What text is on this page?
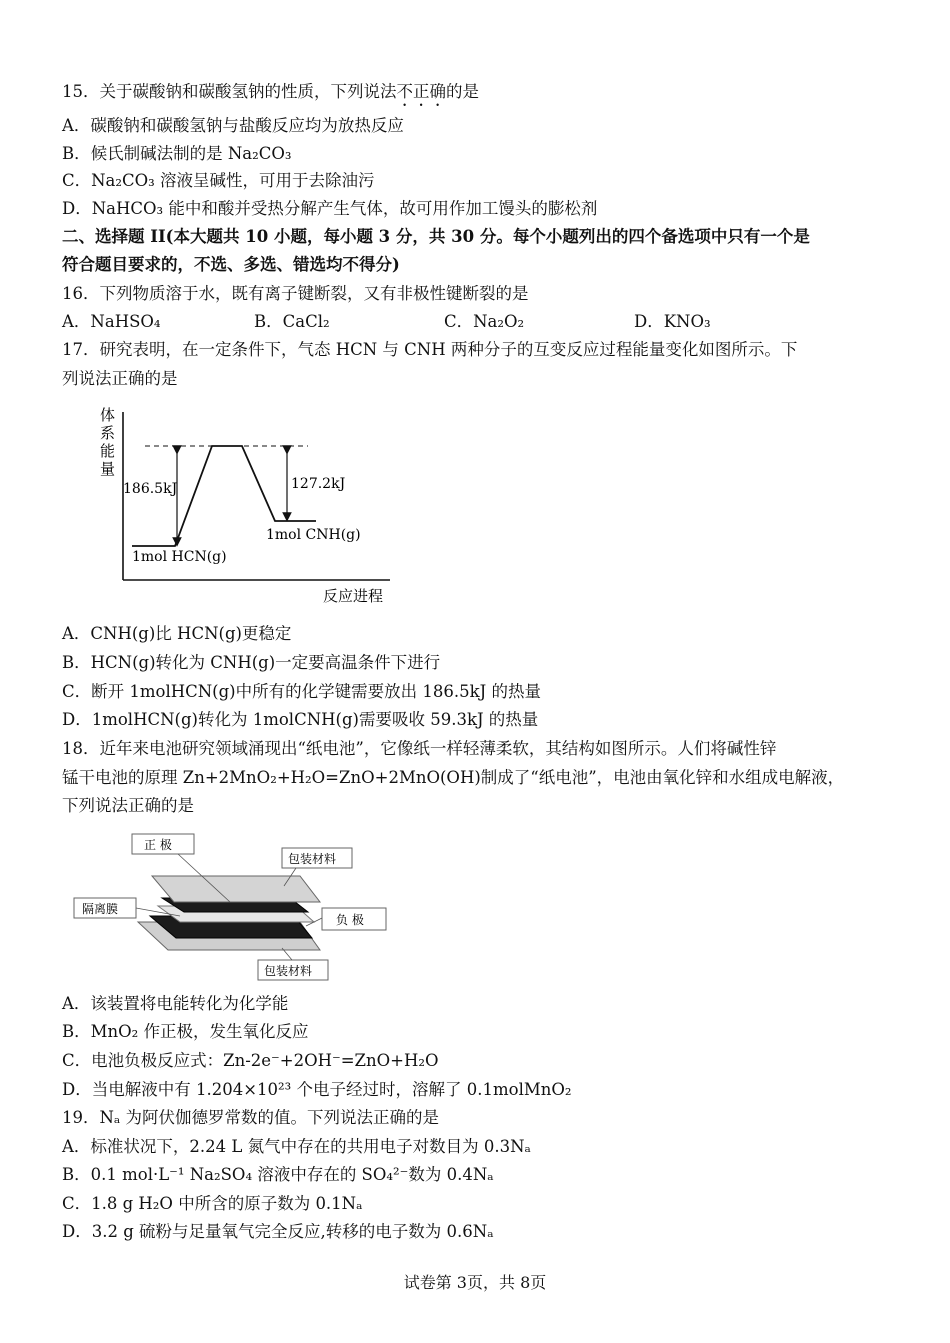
15．关于碳酸钠和碳酸氢钠的性质，下列说法不正确的是
A．碳酸钠和碳酸氢钠与盐酸反应均为放热反应
B．候氏制碱法制的是 Na₂CO₃
C．Na₂CO₃ 溶液呈碱性，可用于去除油污
D．NaHCO₃ 能中和酸并受热分解产生气体，故可用作加工馒头的膨松剂
二、选择题 II(本大题共 10 小题，每小题 3 分，共 30 分。每个小题列出的四个备选项中只有一个是
符合题目要求的，不选、多选、错选均不得分)
16．下列物质溶于水，既有离子键断裂，又有非极性键断裂的是
A．NaHSO₄	B．CaCl₂	C．Na₂O₂	D．KNO₃
17．研究表明，在一定条件下，气态 HCN 与 CNH 两种分子的互变反应过程能量变化如图所示。下
列说法正确的是
体
系
能
量
反应进程
186.5kJ	127.2kJ
1mol HCN(g)
1mol CNH(g)
A．CNH(g)比 HCN(g)更稳定
B．HCN(g)转化为 CNH(g)一定要高温条件下进行
C．断开 1molHCN(g)中所有的化学键需要放出 186.5kJ 的热量
D．1molHCN(g)转化为 1molCNH(g)需要吸收 59.3kJ 的热量
18．近年来电池研究领域涌现出“纸电池”，它像纸一样轻薄柔软，其结构如图所示。人们将碱性锌
锰干电池的原理 Zn+2MnO₂+H₂O=ZnO+2MnO(OH)制成了“纸电池”，电池由氧化锌和水组成电解液，
下列说法正确的是
正 极
包装材料
隔离膜
负 极
包装材料
A．该装置将电能转化为化学能
B．MnO₂ 作正极，发生氧化反应
C．电池负极反应式：Zn-2e⁻+2OH⁻=ZnO+H₂O
D．当电解液中有 1.204×10²³ 个电子经过时，溶解了 0.1molMnO₂
19．Nₐ 为阿伏伽德罗常数的值。下列说法正确的是
A．标准状况下，2.24 L 氮气中存在的共用电子对数目为 0.3Nₐ
B．0.1 mol·L⁻¹ Na₂SO₄ 溶液中存在的 SO₄²⁻数为 0.4Nₐ
C．1.8 g H₂O 中所含的原子数为 0.1Nₐ
D．3.2 g 硫粉与足量氧气完全反应,转移的电子数为 0.6Nₐ
试卷第 3页，共 8页
